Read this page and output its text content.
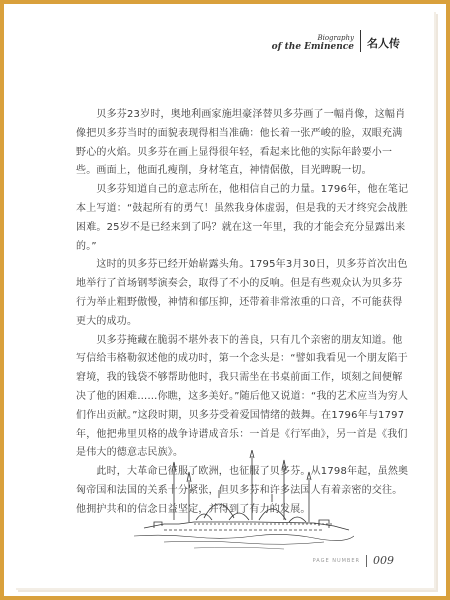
Biography
of the Eminence 名人传

　　贝多芬23岁时，奥地利画家施坦豪泽替贝多芬画了一幅肖像，这幅肖像把贝多芬当时的面貌表现得相当准确：他长着一张严峻的脸，双眼充满野心的火焰。贝多芬在画上显得很年轻，看起来比他的实际年龄要小一些。画面上，他面孔瘦削，身材笔直，神情倨傲，目光睥睨一切。

　　贝多芬知道自己的意志所在，他相信自己的力量。1796年，他在笔记本上写道：“鼓起所有的勇气！虽然我身体虚弱，但是我的天才终究会战胜困难。25岁不是已经来到了吗？就在这一年里，我的才能会充分显露出来的。”

　　这时的贝多芬已经开始崭露头角。1795年3月30日，贝多芬首次出色地举行了首场钢琴演奏会，取得了不小的反响。但是有些观众认为贝多芬行为举止粗野傲慢，神情和郁压抑，还带着非常浓重的口音，不可能获得更大的成功。

　　贝多芬掩藏在脆弱不堪外表下的善良，只有几个亲密的朋友知道。他写信给韦格勒叙述他的成功时，第一个念头是：“譬如我看见一个朋友陷于窘境，我的钱袋不够帮助他时，我只需坐在书桌前面工作，顷刻之间便解决了他的困难……你瞧，这多美好。”随后他又说道：“我的艺术应当为穷人们作出贡献。”这段时期，贝多芬受着爱国情绪的鼓舞。在1796年与1797年，他把弗里贝格的战争诗谱成音乐：一首是《行军曲》，另一首是《我们是伟大的德意志民族》。

　　此时，大革命已征服了欧洲，也征服了贝多芬。从1798年起，虽然奥匈帝国和法国的关系十分紧张，但贝多芬和许多法国人有着亲密的交往。他拥护共和的信念日益坚定，并得到了有力的发展。

PAGE NUMBER 009
